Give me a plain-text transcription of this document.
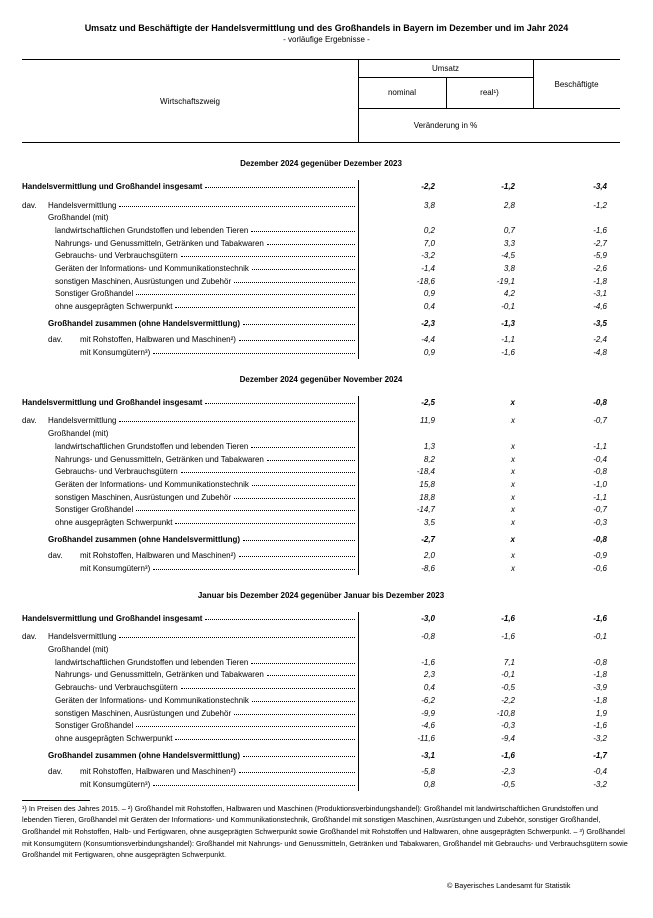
Umsatz und Beschäftigte der Handelsvermittlung und des Großhandels in Bayern im Dezember und im Jahr 2024
- vorläufige Ergebnisse -
Wirtschaftszweig
Umsatz
nominal	real¹)
Beschäftigte
Veränderung in %
Dezember 2024 gegenüber Dezember 2023
Handelsvermittlung und Großhandel insgesamt	-2,2	-1,2	-3,4
dav. Handelsvermittlung	3,8	2,8	-1,2
Großhandel (mit)
landwirtschaftlichen Grundstoffen und lebenden Tieren	0,2	0,7	-1,6
Nahrungs- und Genussmitteln, Getränken und Tabakwaren	7,0	3,3	-2,7
Gebrauchs- und Verbrauchsgütern	-3,2	-4,5	-5,9
Geräten der Informations- und Kommunikationstechnik	-1,4	3,8	-2,6
sonstigen Maschinen, Ausrüstungen und Zubehör	-18,6	-19,1	-1,8
Sonstiger Großhandel	0,9	4,2	-3,1
ohne ausgeprägten Schwerpunkt	0,4	-0,1	-4,6
Großhandel zusammen (ohne Handelsvermittlung)	-2,3	-1,3	-3,5
dav. mit Rohstoffen, Halbwaren und Maschinen²)	-4,4	-1,1	-2,4
mit Konsumgütern³)	0,9	-1,6	-4,8
Dezember 2024 gegenüber November 2024
Handelsvermittlung und Großhandel insgesamt	-2,5	x	-0,8
dav. Handelsvermittlung	11,9	x	-0,7
Großhandel (mit)
landwirtschaftlichen Grundstoffen und lebenden Tieren	1,3	x	-1,1
Nahrungs- und Genussmitteln, Getränken und Tabakwaren	8,2	x	-0,4
Gebrauchs- und Verbrauchsgütern	-18,4	x	-0,8
Geräten der Informations- und Kommunikationstechnik	15,8	x	-1,0
sonstigen Maschinen, Ausrüstungen und Zubehör	18,8	x	-1,1
Sonstiger Großhandel	-14,7	x	-0,7
ohne ausgeprägten Schwerpunkt	3,5	x	-0,3
Großhandel zusammen (ohne Handelsvermittlung)	-2,7	x	-0,8
dav. mit Rohstoffen, Halbwaren und Maschinen²)	2,0	x	-0,9
mit Konsumgütern³)	-8,6	x	-0,6
Januar bis Dezember 2024 gegenüber Januar bis Dezember 2023
Handelsvermittlung und Großhandel insgesamt	-3,0	-1,6	-1,6
dav. Handelsvermittlung	-0,8	-1,6	-0,1
Großhandel (mit)
landwirtschaftlichen Grundstoffen und lebenden Tieren	-1,6	7,1	-0,8
Nahrungs- und Genussmitteln, Getränken und Tabakwaren	2,3	-0,1	-1,8
Gebrauchs- und Verbrauchsgütern	0,4	-0,5	-3,9
Geräten der Informations- und Kommunikationstechnik	-6,2	-2,2	-1,8
sonstigen Maschinen, Ausrüstungen und Zubehör	-9,9	-10,8	1,9
Sonstiger Großhandel	-4,6	-0,3	-1,6
ohne ausgeprägten Schwerpunkt	-11,6	-9,4	-3,2
Großhandel zusammen (ohne Handelsvermittlung)	-3,1	-1,6	-1,7
dav. mit Rohstoffen, Halbwaren und Maschinen²)	-5,8	-2,3	-0,4
mit Konsumgütern³)	0,8	-0,5	-3,2
¹) In Preisen des Jahres 2015. – ²) Großhandel mit Rohstoffen, Halbwaren und Maschinen (Produktionsverbindungshandel): Großhandel mit landwirtschaftlichen Grundstoffen und lebenden Tieren, Großhandel mit Geräten der Informations- und Kommunikationstechnik, Großhandel mit sonstigen Maschinen, Ausrüstungen und Zubehör, sonstiger Großhandel, Großhandel mit Rohstoffen, Halb- und Fertigwaren, ohne ausgeprägten Schwerpunkt sowie Großhandel mit Rohstoffen und Halbwaren, ohne ausgeprägten Schwerpunkt. – ³) Großhandel mit Konsumgütern (Konsumtionsverbindungshandel): Großhandel mit Nahrungs- und Genussmitteln, Getränken und Tabakwaren, Großhandel mit Gebrauchs- und Verbrauchsgütern sowie Großhandel mit Fertigwaren, ohne ausgeprägten Schwerpunkt.
© Bayerisches Landesamt für Statistik
